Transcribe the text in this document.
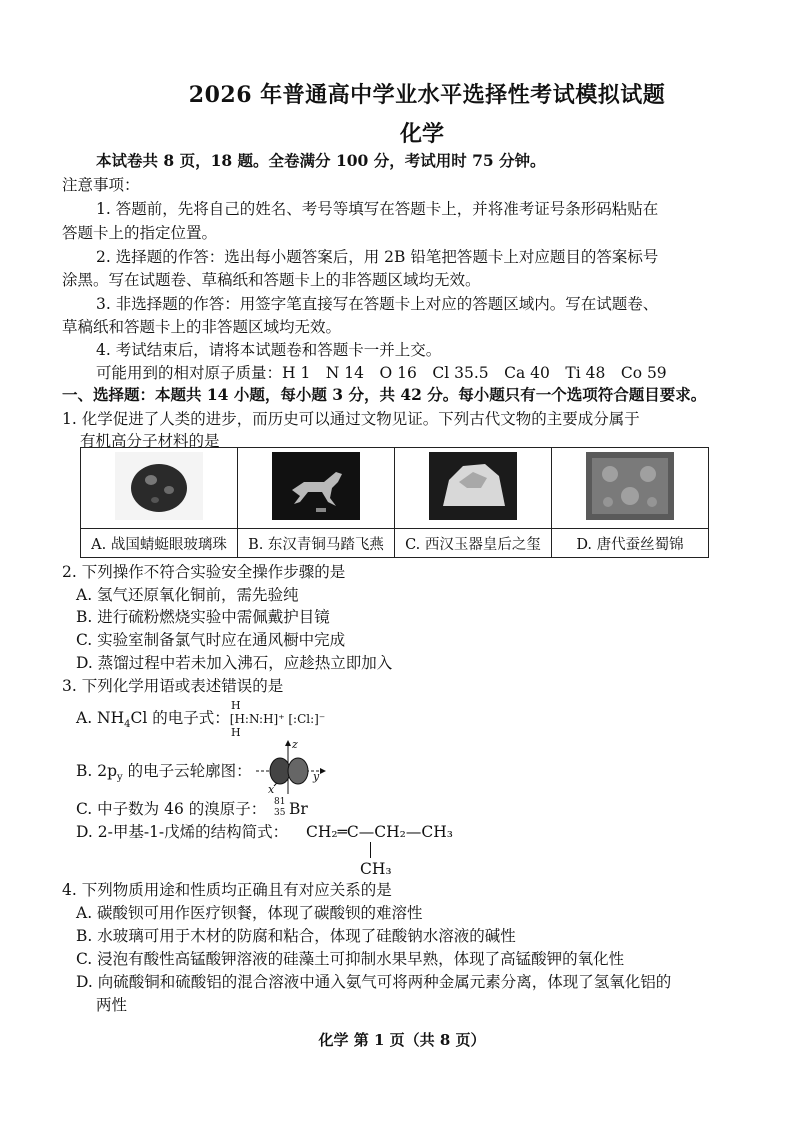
2026 年普通高中学业水平选择性考试模拟试题
化学
本试卷共 8 页，18 题。全卷满分 100 分，考试用时 75 分钟。
注意事项：
1. 答题前，先将自己的姓名、考号等填写在答题卡上，并将准考证号条形码粘贴在
答题卡上的指定位置。
2. 选择题的作答：选出每小题答案后，用 2B 铅笔把答题卡上对应题目的答案标号
涂黑。写在试题卷、草稿纸和答题卡上的非答题区域均无效。
3. 非选择题的作答：用签字笔直接写在答题卡上对应的答题区域内。写在试题卷、
草稿纸和答题卡上的非答题区域均无效。
4. 考试结束后，请将本试题卷和答题卡一并上交。
可能用到的相对原子质量：H 1　N 14　O 16　Cl 35.5　Ca 40　Ti 48　Co 59
一、选择题：本题共 14 小题，每小题 3 分，共 42 分。每小题只有一个选项符合题目要求。
1. 化学促进了人类的进步，而历史可以通过文物见证。下列古代文物的主要成分属于
有机高分子材料的是

A. 战国蜻蜓眼玻璃珠	B. 东汉青铜马踏飞燕	C. 西汉玉器皇后之玺	D. 唐代蚕丝蜀锦
2. 下列操作不符合实验安全操作步骤的是
A. 氢气还原氧化铜前，需先验纯
B. 进行硫粉燃烧实验中需佩戴护目镜
C. 实验室制备氯气时应在通风橱中完成
D. 蒸馏过程中若未加入沸石，应趁热立即加入
3. 下列化学用语或表述错误的是
H
A. $NH_4Cl$ 的电子式：[H:N:H]⁺ [:Cl:]⁻
H
B. $2p_y$ 的电子云轮廓图：
z
y
x
C. 中子数为 46 的溴原子： 81
35 Br
D. 2-甲基-1-戊烯的结构简式： CH₂═C—CH₂—CH₃
CH₃
4. 下列物质用途和性质均正确且有对应关系的是
A. 碳酸钡可用作医疗钡餐，体现了碳酸钡的难溶性
B. 水玻璃可用于木材的防腐和粘合，体现了硅酸钠水溶液的碱性
C. 浸泡有酸性高锰酸钾溶液的硅藻土可抑制水果早熟，体现了高锰酸钾的氧化性
D. 向硫酸铜和硫酸铝的混合溶液中通入氨气可将两种金属元素分离，体现了氢氧化铝的
两性
化学 第 1 页（共 8 页）
